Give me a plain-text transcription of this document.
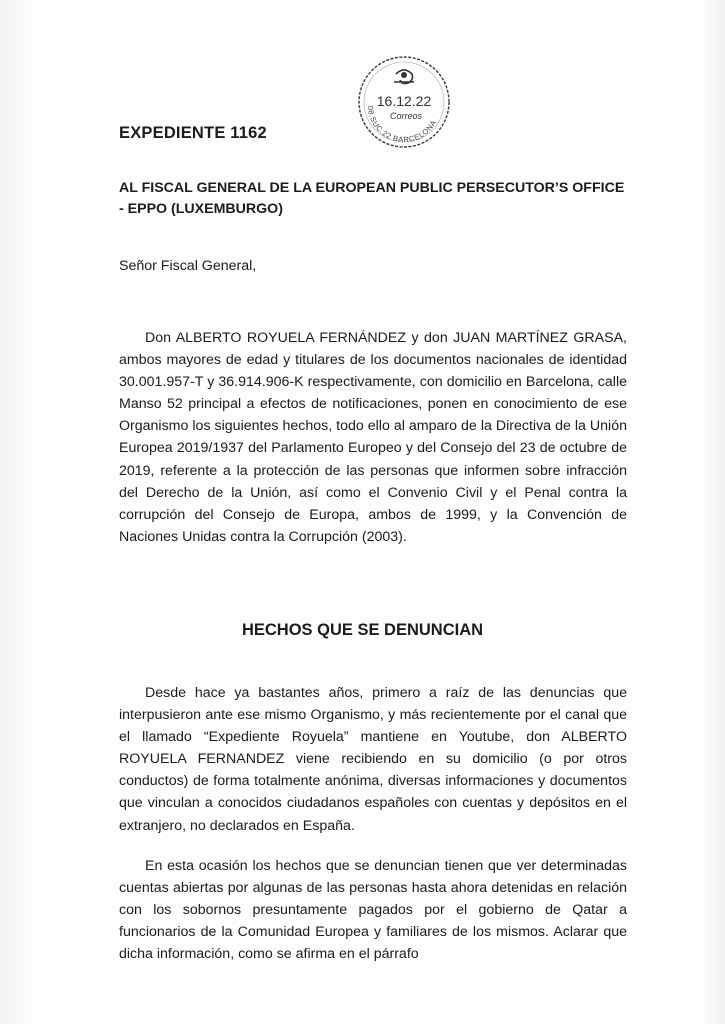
16.12.22
Correos
08.SUC.22 BARCELONA
EXPEDIENTE 1162
AL FISCAL GENERAL DE LA EUROPEAN PUBLIC PERSECUTOR’S OFFICE - EPPO (LUXEMBURGO)
Señor Fiscal General,

Don ALBERTO ROYUELA FERNÁNDEZ y don JUAN MARTÍNEZ GRASA, ambos mayores de edad y titulares de los documentos nacionales de identidad 30.001.957-T y 36.914.906-K respectivamente, con domicilio en Barcelona, calle Manso 52 principal a efectos de notificaciones, ponen en conocimiento de ese Organismo los siguientes hechos, todo ello al amparo de la Directiva de la Unión Europea 2019/1937 del Parlamento Europeo y del Consejo del 23 de octubre de 2019, referente a la protección de las personas que informen sobre infracción del Derecho de la Unión, así como el Convenio Civil y el Penal contra la corrupción del Consejo de Europa, ambos de 1999, y la Convención de Naciones Unidas contra la Corrupción (2003).

HECHOS QUE SE DENUNCIAN

Desde hace ya bastantes años, primero a raíz de las denuncias que interpusieron ante ese mismo Organismo, y más recientemente por el canal que el llamado “Expediente Royuela” mantiene en Youtube, don ALBERTO ROYUELA FERNANDEZ viene recibiendo en su domicilio (o por otros conductos) de forma totalmente anónima, diversas informaciones y documentos que vinculan a conocidos ciudadanos españoles con cuentas y depósitos en el extranjero, no declarados en España.

En esta ocasión los hechos que se denuncian tienen que ver determinadas cuentas abiertas por algunas de las personas hasta ahora detenidas en relación con los sobornos presuntamente pagados por el gobierno de Qatar a funcionarios de la Comunidad Europea y familiares de los mismos. Aclarar que dicha información, como se afirma en el párrafo
